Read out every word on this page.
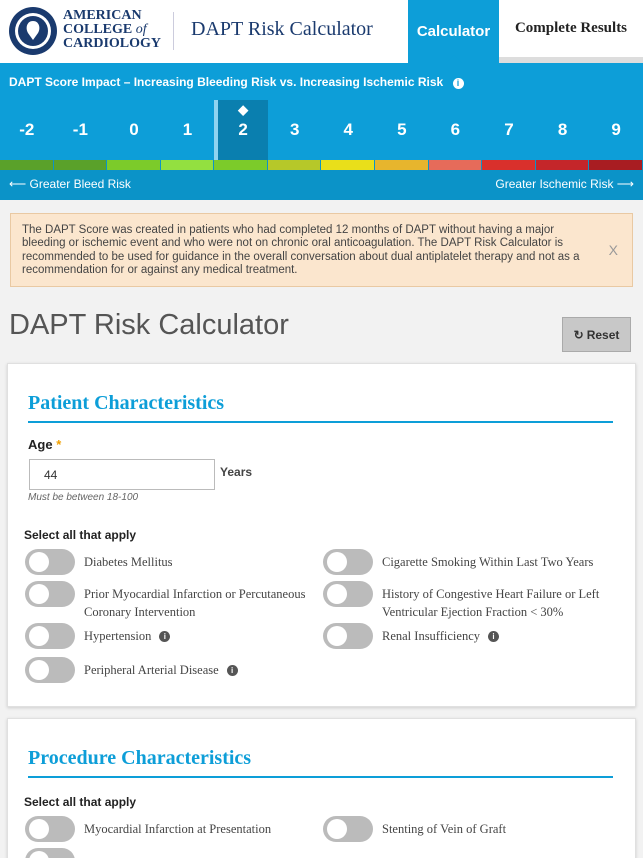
AMERICAN
COLLEGE of
CARDIOLOGY
DAPT Risk Calculator	Calculator	Complete Results
DAPT Score Impact – Increasing Bleeding Risk vs. Increasing Ischemic Risk i
-2	-1	0	1
◆	2	3	4	5	6	7	8	9
⟵ Greater Bleed Risk	Greater Ischemic Risk ⟶
The DAPT Score was created in patients who had completed 12 months of DAPT without having a major bleeding or ischemic event and who were not on chronic oral anticoagulation. The DAPT Risk Calculator is recommended to be used for guidance in the overall conversation about dual antiplatelet therapy and not as a recommendation for or against any medical treatment.
X
DAPT Risk Calculator	↻ Reset
Patient Characteristics
Age *
44
Years
Must be between 18-100
Select all that apply
Diabetes Mellitus	Cigarette Smoking Within Last Two Years
Prior Myocardial Infarction or Percutaneous Coronary Intervention
History of Congestive Heart Failure or Left Ventricular Ejection Fraction < 30%
Hypertension i	Renal Insufficiency i
Peripheral Arterial Disease i
Procedure Characteristics
Select all that apply
Myocardial Infarction at Presentation	Stenting of Vein of Graft
